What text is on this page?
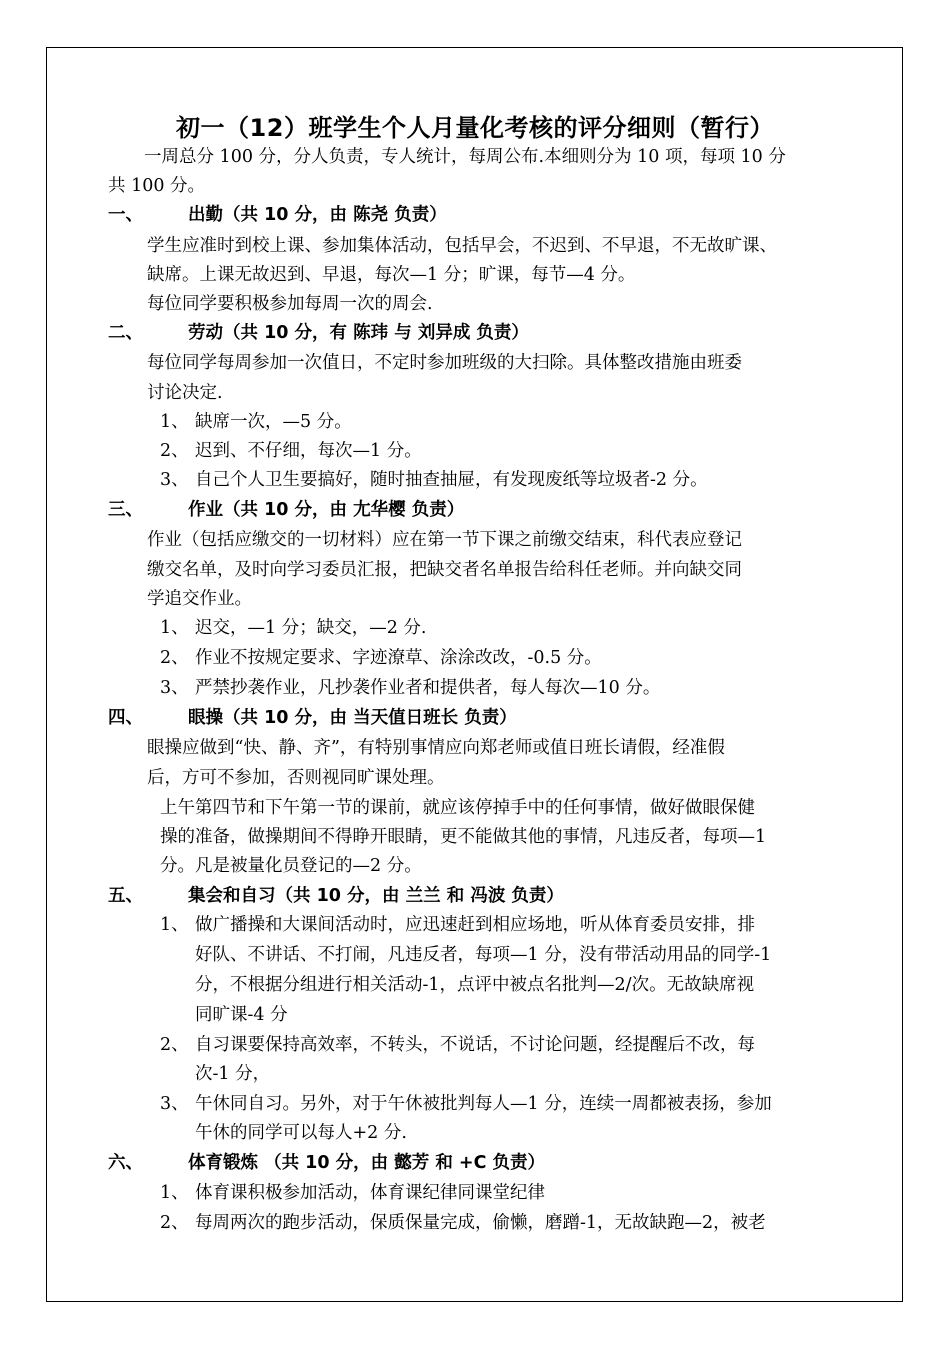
初一（12）班学生个人月量化考核的评分细则（暂行）
一周总分 100 分，分人负责，专人统计，每周公布.本细则分为 10 项，每项 10 分
共 100 分。
一、	出勤（共 10 分，由 陈尧 负责）
学生应准时到校上课、参加集体活动，包括早会，不迟到、不早退，不无故旷课、
缺席。上课无故迟到、早退，每次—1 分；旷课，每节—4 分。
每位同学要积极参加每周一次的周会.
二、	劳动（共 10 分，有 陈玮 与 刘异成 负责）
每位同学每周参加一次值日，不定时参加班级的大扫除。具体整改措施由班委
讨论决定.
1、 缺席一次，—5 分。
2、 迟到、不仔细，每次—1 分。
3、 自己个人卫生要搞好，随时抽查抽屉，有发现废纸等垃圾者-2 分。
三、	作业（共 10 分，由 尢华樱 负责）
作业（包括应缴交的一切材料）应在第一节下课之前缴交结束，科代表应登记
缴交名单，及时向学习委员汇报，把缺交者名单报告给科任老师。并向缺交同
学追交作业。
1、 迟交，—1 分；缺交，—2 分.
2、 作业不按规定要求、字迹潦草、涂涂改改，-0.5 分。
3、 严禁抄袭作业，凡抄袭作业者和提供者，每人每次—10 分。
四、	眼操（共 10 分，由 当天值日班长 负责）
眼操应做到“快、静、齐”，有特别事情应向郑老师或值日班长请假，经准假
后，方可不参加，否则视同旷课处理。
上午第四节和下午第一节的课前，就应该停掉手中的任何事情，做好做眼保健
操的准备，做操期间不得睁开眼睛，更不能做其他的事情，凡违反者，每项—1
分。凡是被量化员登记的—2 分。
五、	集会和自习（共 10 分，由 兰兰 和 冯波 负责）
1、 做广播操和大课间活动时，应迅速赶到相应场地，听从体育委员安排，排
好队、不讲话、不打闹，凡违反者，每项—1 分，没有带活动用品的同学-1
分，不根据分组进行相关活动-1，点评中被点名批判—2/次。无故缺席视
同旷课-4 分
2、 自习课要保持高效率，不转头，不说话，不讨论问题，经提醒后不改，每
次-1 分，
3、 午休同自习。另外，对于午休被批判每人—1 分，连续一周都被表扬，参加
午休的同学可以每人+2 分.
六、	体育锻炼 （共 10 分，由 懿芳 和 +C 负责）
1、 体育课积极参加活动，体育课纪律同课堂纪律
2、 每周两次的跑步活动，保质保量完成，偷懒，磨蹭-1，无故缺跑—2，被老
